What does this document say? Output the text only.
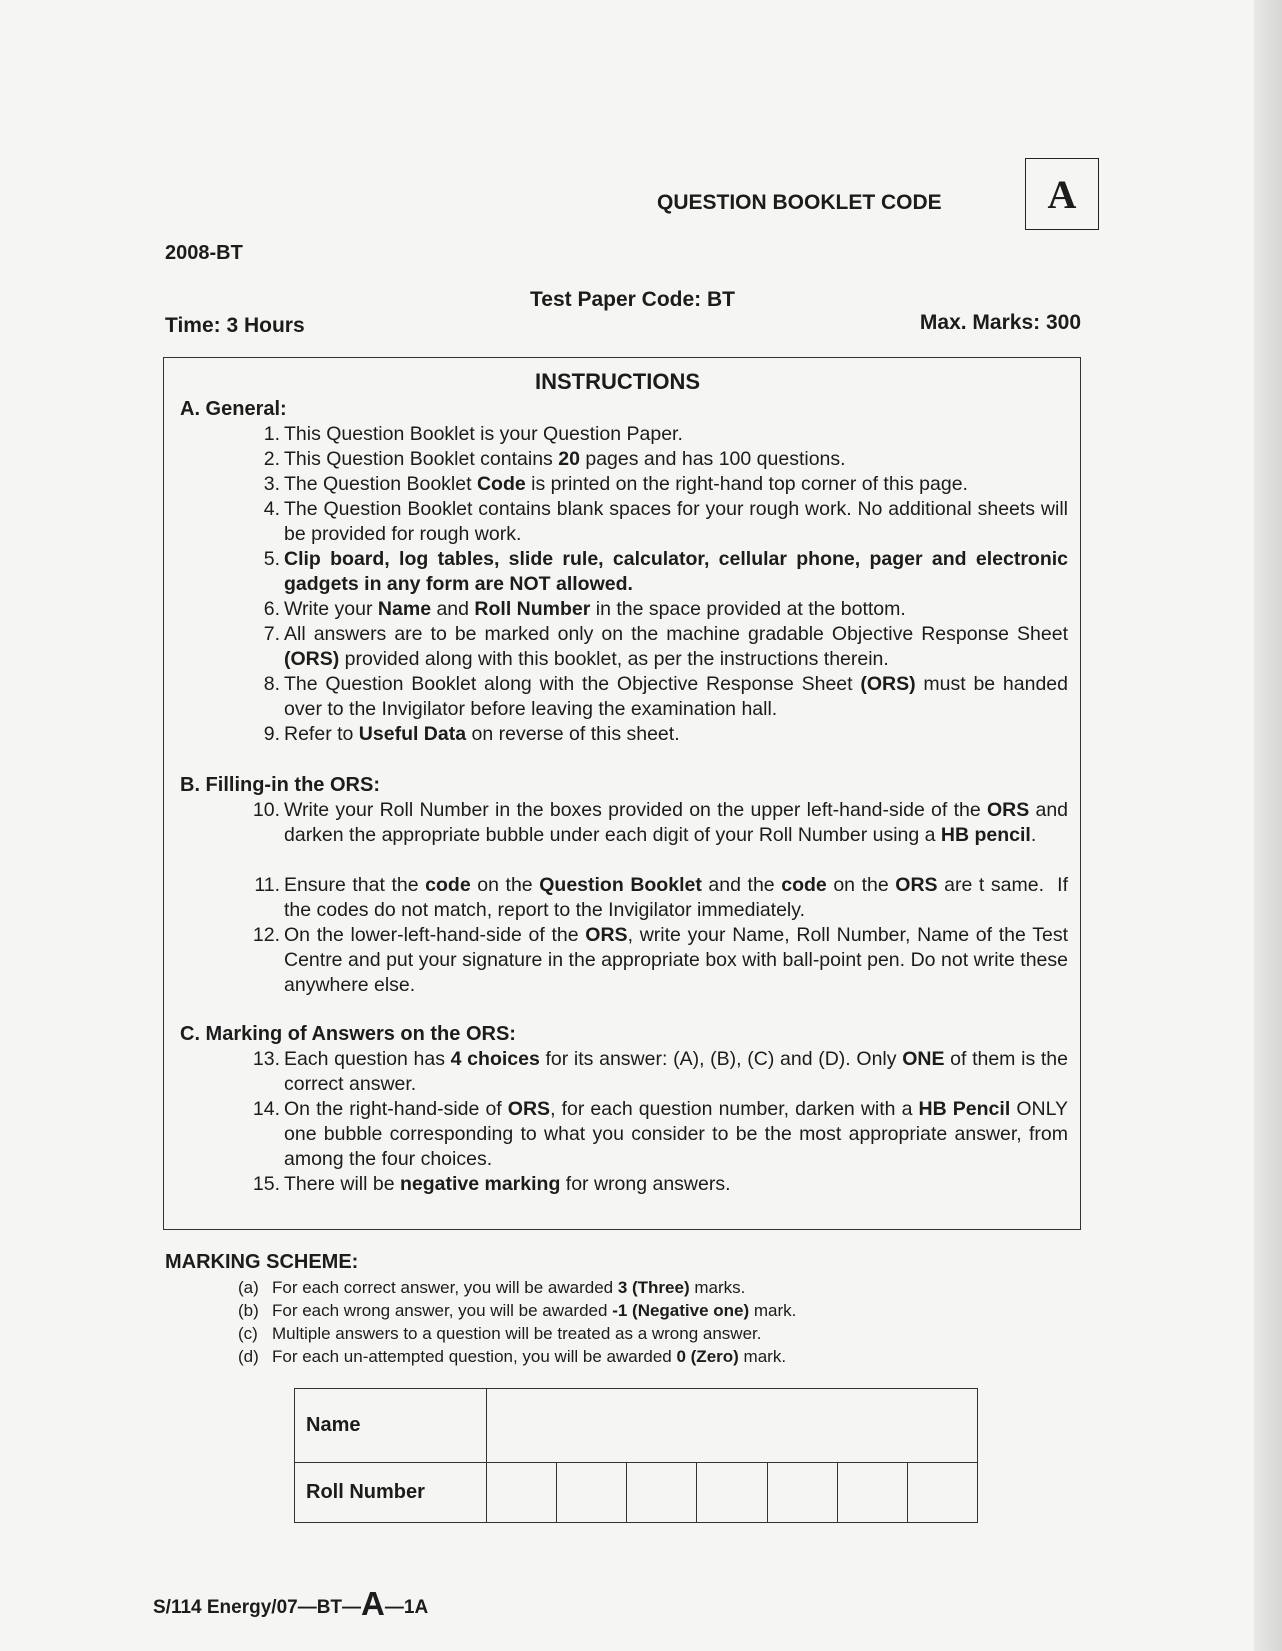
QUESTION BOOKLET CODE	A
2008-BT
Test Paper Code: BT
Time: 3 Hours	Max. Marks: 300
INSTRUCTIONS
A. General:
B. Filling-in the ORS:
C. Marking of Answers on the ORS:
1. This Question Booklet is your Question Paper.
2. This Question Booklet contains 20 pages and has 100 questions.
3. The Question Booklet Code is printed on the right-hand top corner of this page.
4. The Question Booklet contains blank spaces for your rough work. No additional sheets will be provided for rough work.
5. Clip board, log tables, slide rule, calculator, cellular phone, pager and electronic gadgets in any form are NOT allowed.
6. Write your Name and Roll Number in the space provided at the bottom.
7. All answers are to be marked only on the machine gradable Objective Response Sheet (ORS) provided along with this booklet, as per the instructions therein.
8. The Question Booklet along with the Objective Response Sheet (ORS) must be handed over to the Invigilator before leaving the examination hall.
9. Refer to Useful Data on reverse of this sheet.
10. Write your Roll Number in the boxes provided on the upper left-hand-side of the ORS and darken the appropriate bubble under each digit of your Roll Number using a HB pencil.
11. Ensure that the code on the Question Booklet and the code on the ORS are t same.  If the codes do not match, report to the Invigilator immediately.
12. On the lower-left-hand-side of the ORS, write your Name, Roll Number, Name of the Test Centre and put your signature in the appropriate box with ball-point pen. Do not write these anywhere else.
13. Each question has 4 choices for its answer: (A), (B), (C) and (D). Only ONE of them is the correct answer.
14. On the right-hand-side of ORS, for each question number, darken with a HB Pencil ONLY one bubble corresponding to what you consider to be the most appropriate answer, from among the four choices.
15. There will be negative marking for wrong answers.
MARKING SCHEME:
(a) For each correct answer, you will be awarded 3 (Three) marks.
(b) For each wrong answer, you will be awarded -1 (Negative one) mark.
(c) Multiple answers to a question will be treated as a wrong answer.
(d) For each un-attempted question, you will be awarded 0 (Zero) mark.
Name							
Roll Number							
S/114 Energy/07—BT—A—1A
